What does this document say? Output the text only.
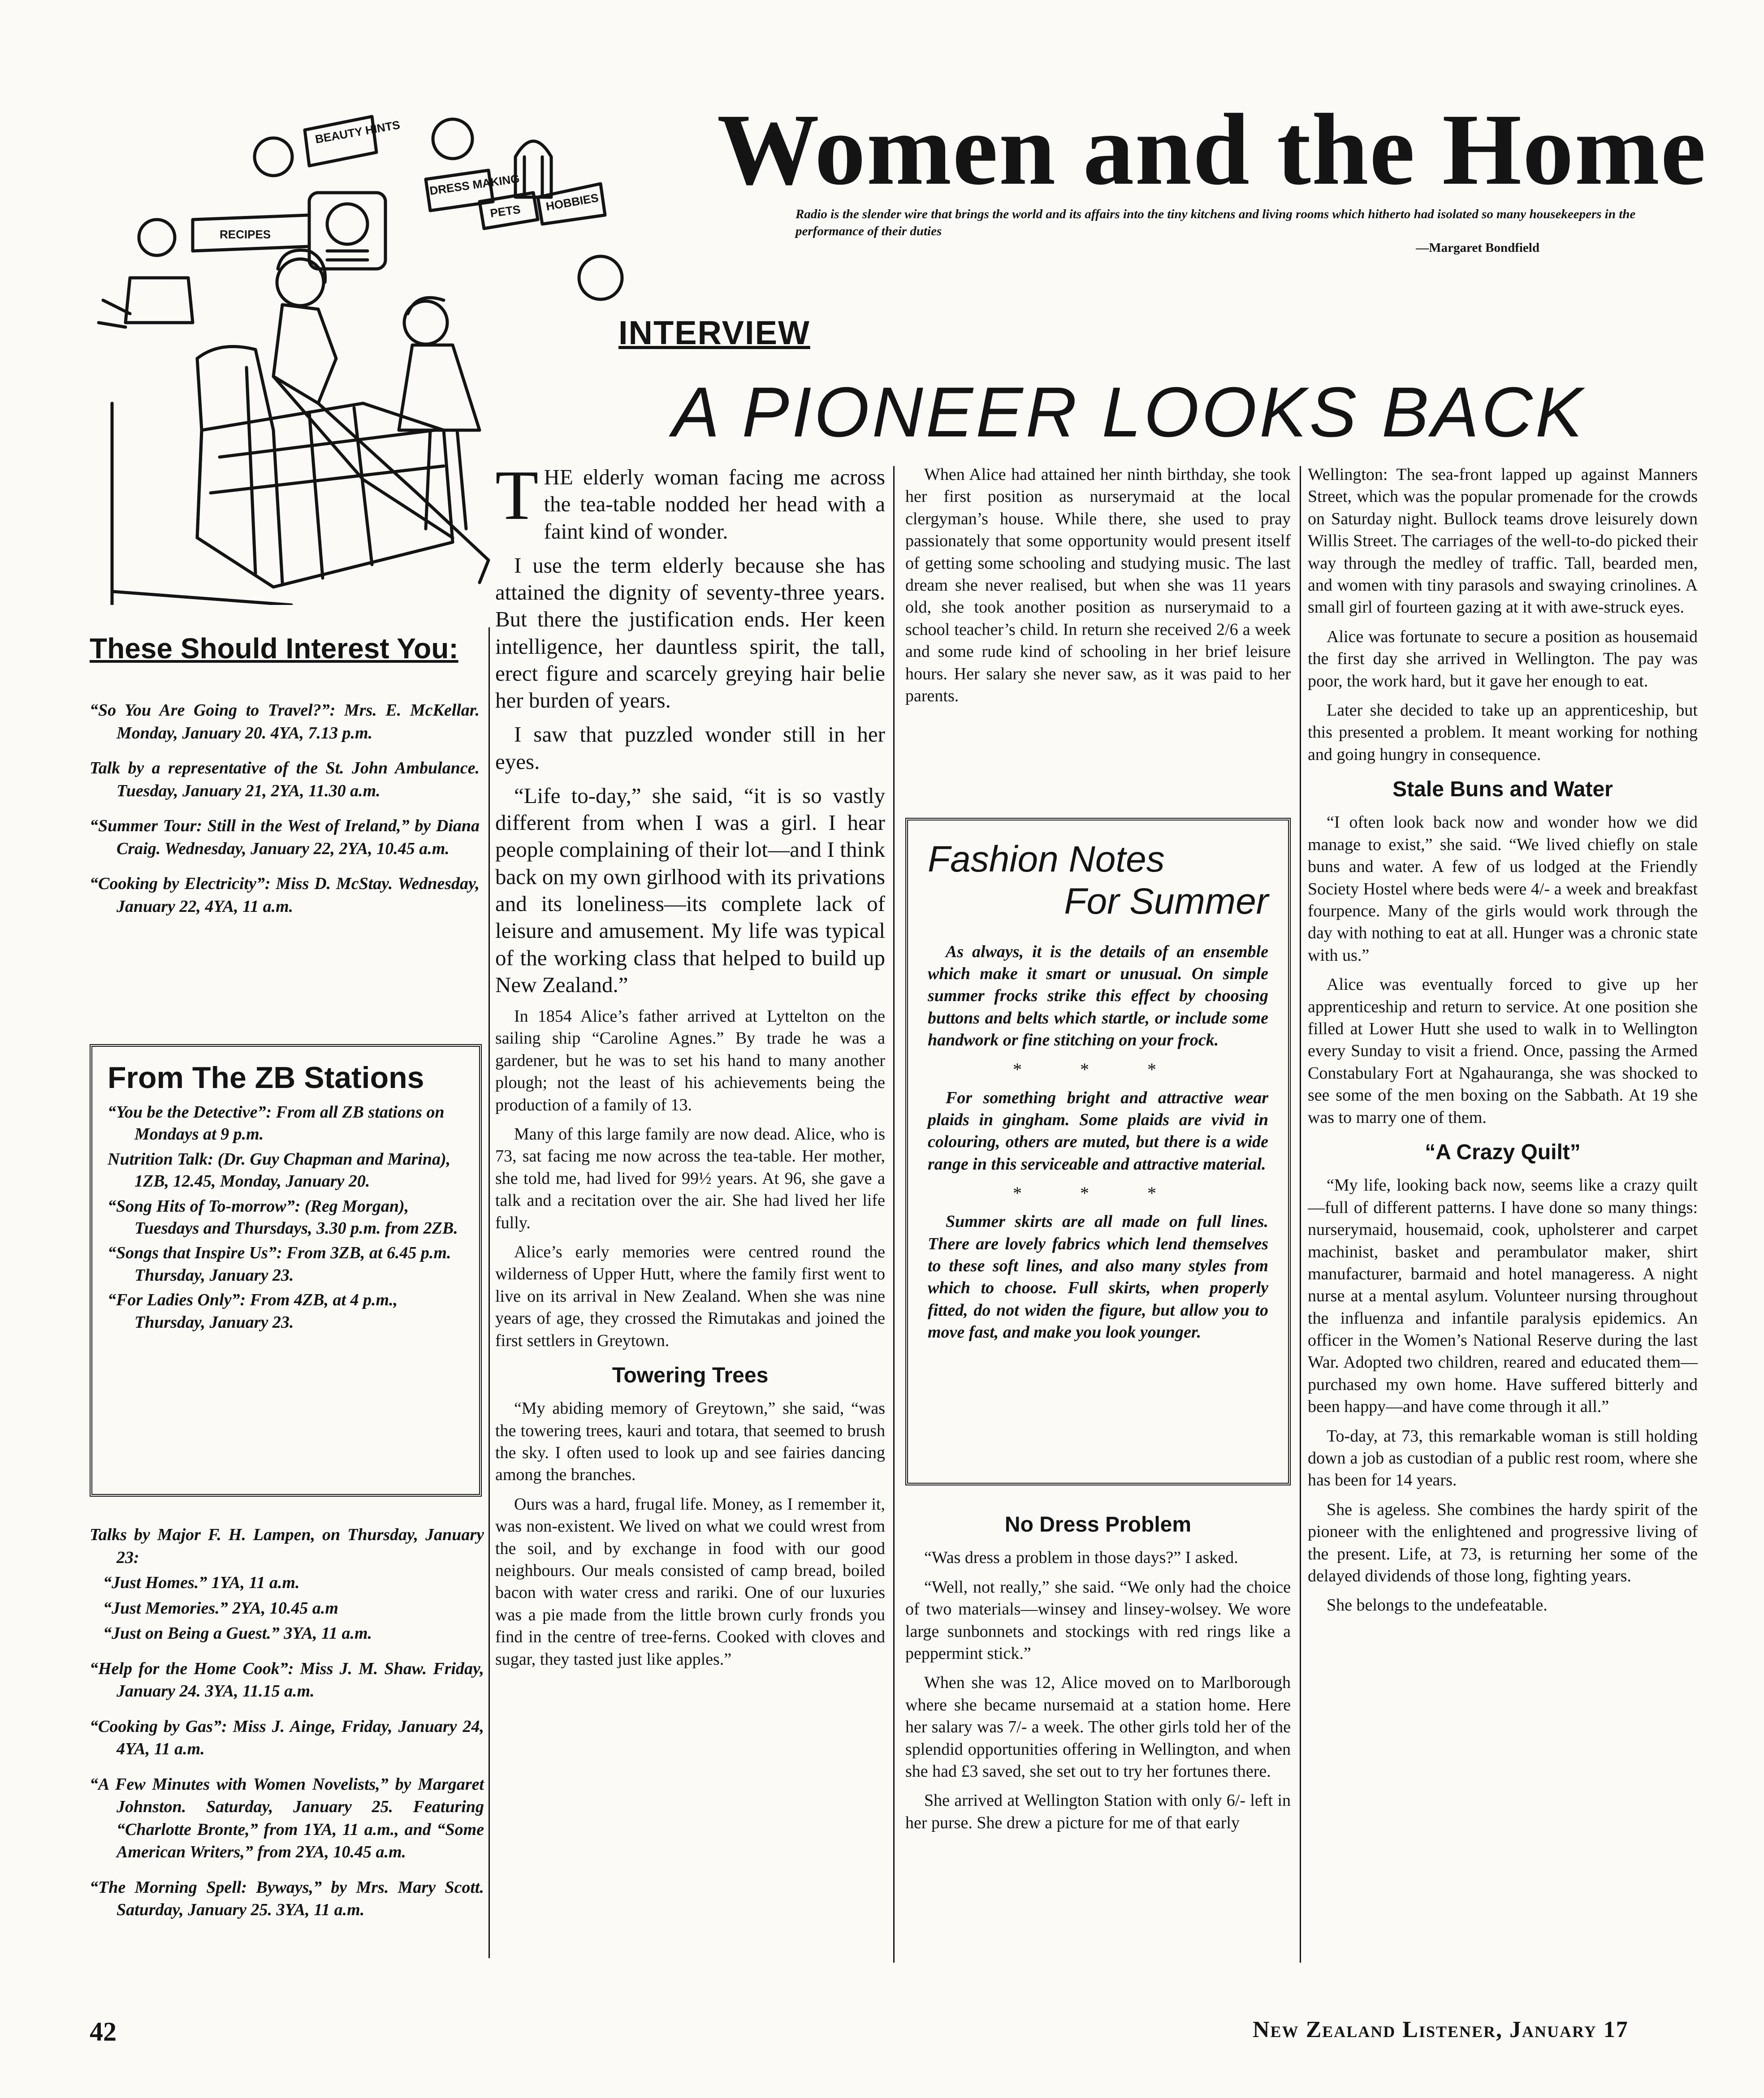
Women and the Home
Radio is the slender wire that brings the world and its affairs into the tiny kitchens and living rooms which hitherto had isolated so many housekeepers in the performance of their duties
—Margaret Bondfield
BEAUTY HINTS
DRESS MAKING
RECIPES
PETS HOBBIES
INTERVIEW
A PIONEER LOOKS BACK

THE elderly woman facing me across the tea-table nodded her head with a faint kind of wonder.

I use the term elderly because she has attained the dignity of seventy-three years. But there the justification ends. Her keen intelligence, her dauntless spirit, the tall, erect figure and scarcely greying hair belie her burden of years.

I saw that puzzled wonder still in her eyes.

“Life to-day,” she said, “it is so vastly different from when I was a girl. I hear people complaining of their lot—and I think back on my own girlhood with its privations and its loneliness—its complete lack of leisure and amusement. My life was typical of the working class that helped to build up New Zealand.”

In 1854 Alice’s father arrived at Lyttelton on the sailing ship “Caroline Agnes.” By trade he was a gardener, but he was to set his hand to many another plough; not the least of his achievements being the production of a family of 13.

Many of this large family are now dead. Alice, who is 73, sat facing me now across the tea-table. Her mother, she told me, had lived for 99½ years. At 96, she gave a talk and a recitation over the air. She had lived her life fully.

Alice’s early memories were centred round the wilderness of Upper Hutt, where the family first went to live on its arrival in New Zealand. When she was nine years of age, they crossed the Rimutakas and joined the first settlers in Greytown.

Towering Trees

“My abiding memory of Greytown,” she said, “was the towering trees, kauri and totara, that seemed to brush the sky. I often used to look up and see fairies dancing among the branches.

Ours was a hard, frugal life. Money, as I remember it, was non-existent. We lived on what we could wrest from the soil, and by exchange in food with our good neighbours. Our meals consisted of camp bread, boiled bacon with water cress and rariki. One of our luxuries was a pie made from the little brown curly fronds you find in the centre of tree-ferns. Cooked with cloves and sugar, they tasted just like apples.”

When Alice had attained her ninth birthday, she took her first position as nurserymaid at the local clergyman’s house. While there, she used to pray passionately that some opportunity would present itself of getting some schooling and studying music. The last dream she never realised, but when she was 11 years old, she took another position as nurserymaid to a school teacher’s child. In return she received 2/6 a week and some rude kind of schooling in her brief leisure hours. Her salary she never saw, as it was paid to her parents.

Fashion Notes
For Summer

As always, it is the details of an ensemble which make it smart or unusual. On simple summer frocks strike this effect by choosing buttons and belts which startle, or include some handwork or fine stitching on your frock.

* * *

For something bright and attractive wear plaids in gingham. Some plaids are vivid in colouring, others are muted, but there is a wide range in this serviceable and attractive material.

* * *

Summer skirts are all made on full lines. There are lovely fabrics which lend themselves to these soft lines, and also many styles from which to choose. Full skirts, when properly fitted, do not widen the figure, but allow you to move fast, and make you look younger.

No Dress Problem

“Was dress a problem in those days?” I asked.

“Well, not really,” she said. “We only had the choice of two materials—winsey and linsey-wolsey. We wore large sunbonnets and stockings with red rings like a peppermint stick.”

When she was 12, Alice moved on to Marlborough where she became nursemaid at a station home. Here her salary was 7/- a week. The other girls told her of the splendid opportunities offering in Wellington, and when she had £3 saved, she set out to try her fortunes there.

She arrived at Wellington Station with only 6/- left in her purse. She drew a picture for me of that early

Wellington: The sea-front lapped up against Manners Street, which was the popular promenade for the crowds on Saturday night. Bullock teams drove leisurely down Willis Street. The carriages of the well-to-do picked their way through the medley of traffic. Tall, bearded men, and women with tiny parasols and swaying crinolines. A small girl of fourteen gazing at it with awe-struck eyes.

Alice was fortunate to secure a position as housemaid the first day she arrived in Wellington. The pay was poor, the work hard, but it gave her enough to eat.

Later she decided to take up an apprenticeship, but this presented a problem. It meant working for nothing and going hungry in consequence.

Stale Buns and Water

“I often look back now and wonder how we did manage to exist,” she said. “We lived chiefly on stale buns and water. A few of us lodged at the Friendly Society Hostel where beds were 4/- a week and breakfast fourpence. Many of the girls would work through the day with nothing to eat at all. Hunger was a chronic state with us.”

Alice was eventually forced to give up her apprenticeship and return to service. At one position she filled at Lower Hutt she used to walk in to Wellington every Sunday to visit a friend. Once, passing the Armed Constabulary Fort at Ngahauranga, she was shocked to see some of the men boxing on the Sabbath. At 19 she was to marry one of them.

“A Crazy Quilt”

“My life, looking back now, seems like a crazy quilt—full of different patterns. I have done so many things: nurserymaid, housemaid, cook, upholsterer and carpet machinist, basket and perambulator maker, shirt manufacturer, barmaid and hotel manageress. A night nurse at a mental asylum. Volunteer nursing throughout the influenza and infantile paralysis epidemics. An officer in the Women’s National Reserve during the last War. Adopted two children, reared and educated them—purchased my own home. Have suffered bitterly and been happy—and have come through it all.”

To-day, at 73, this remarkable woman is still holding down a job as custodian of a public rest room, where she has been for 14 years.

She is ageless. She combines the hardy spirit of the pioneer with the enlightened and progressive living of the present. Life, at 73, is returning her some of the delayed dividends of those long, fighting years.

She belongs to the undefeatable.

These Should Interest You:
“So You Are Going to Travel?”: Mrs. E. McKellar. Monday, January 20. 4YA, 7.13 p.m.
Talk by a representative of the St. John Ambulance. Tuesday, January 21, 2YA, 11.30 a.m.
“Summer Tour: Still in the West of Ireland,” by Diana Craig. Wednesday, January 22, 2YA, 10.45 a.m.
“Cooking by Electricity”: Miss D. McStay. Wednesday, January 22, 4YA, 11 a.m.
From The ZB Stations
“You be the Detective”: From all ZB stations on Mondays at 9 p.m.
Nutrition Talk: (Dr. Guy Chapman and Marina), 1ZB, 12.45, Monday, January 20.
“Song Hits of To-morrow”: (Reg Morgan), Tuesdays and Thursdays, 3.30 p.m. from 2ZB.
“Songs that Inspire Us”: From 3ZB, at 6.45 p.m. Thursday, January 23.
“For Ladies Only”: From 4ZB, at 4 p.m., Thursday, January 23.
Talks by Major F. H. Lampen, on Thursday, January 23:
“Just Homes.” 1YA, 11 a.m.
“Just Memories.” 2YA, 10.45 a.m
“Just on Being a Guest.” 3YA, 11 a.m.
“Help for the Home Cook”: Miss J. M. Shaw. Friday, January 24. 3YA, 11.15 a.m.
“Cooking by Gas”: Miss J. Ainge, Friday, January 24, 4YA, 11 a.m.
“A Few Minutes with Women Novelists,” by Margaret Johnston. Saturday, January 25. Featuring “Charlotte Bronte,” from 1YA, 11 a.m., and “Some American Writers,” from 2YA, 10.45 a.m.
“The Morning Spell: Byways,” by Mrs. Mary Scott. Saturday, January 25. 3YA, 11 a.m.
42	New Zealand Listener, January 17
